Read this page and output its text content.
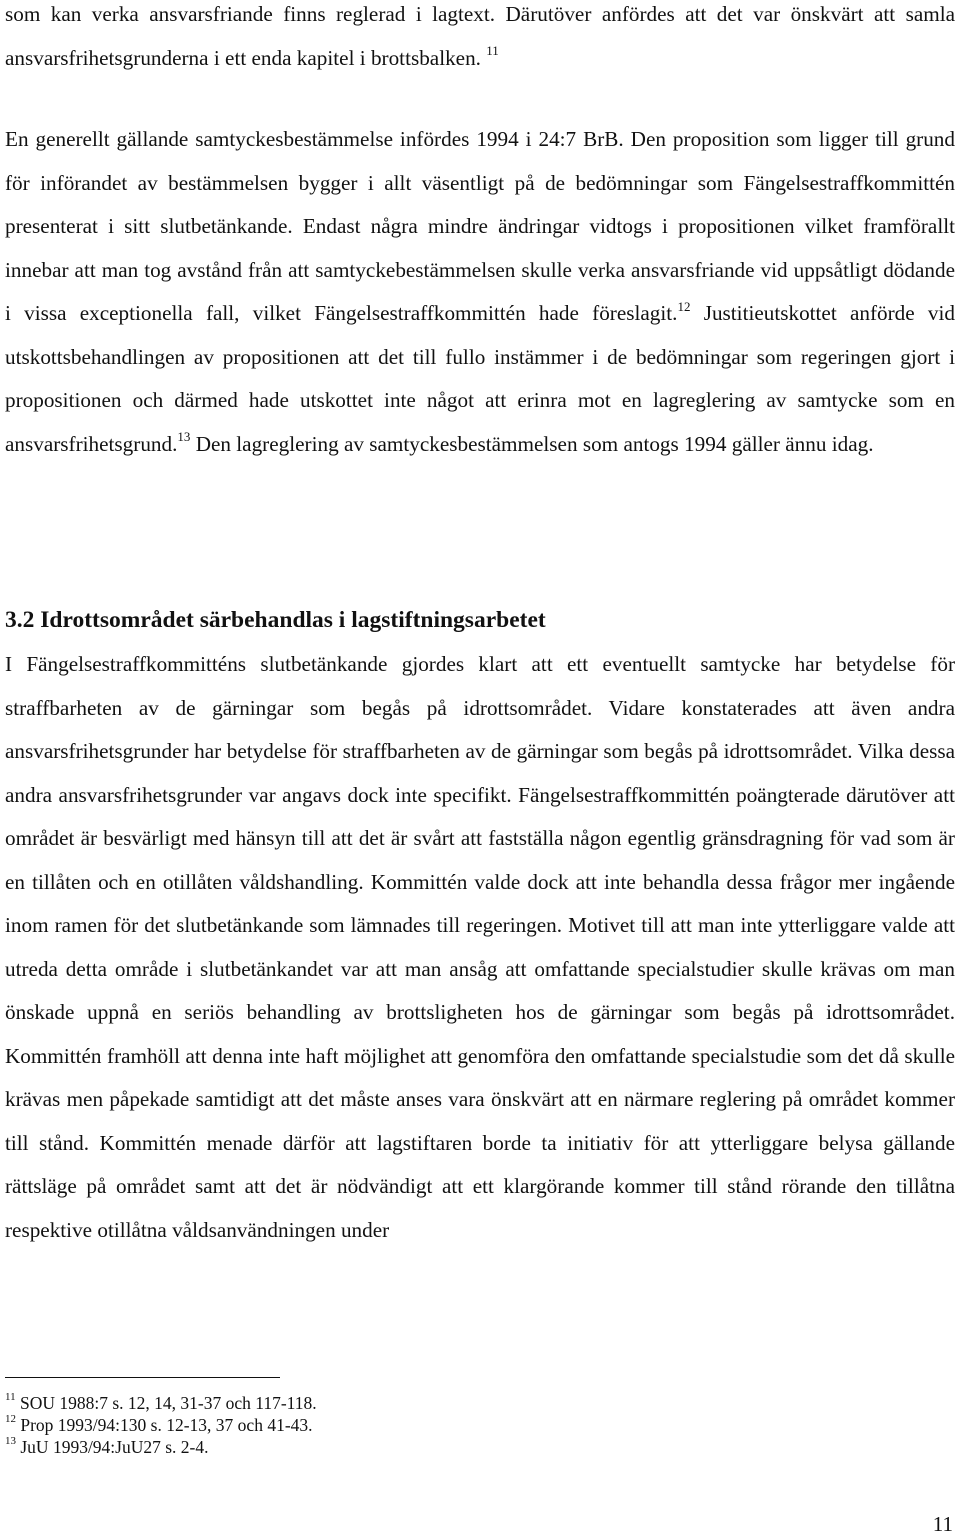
som kan verka ansvarsfriande finns reglerad i lagtext. Därutöver anfördes att det var önskvärt att samla ansvarsfrihetsgrunderna i ett enda kapitel i brottsbalken. $^{11}$

En generellt gällande samtyckesbestämmelse infördes 1994 i 24:7 BrB. Den proposition som ligger till grund för införandet av bestämmelsen bygger i allt väsentligt på de bedömningar som Fängelsestraffkommittén presenterat i sitt slutbetänkande. Endast några mindre ändringar vidtogs i propositionen vilket framförallt innebar att man tog avstånd från att samtyckebestämmelsen skulle verka ansvarsfriande vid uppsåtligt dödande i vissa exceptionella fall, vilket Fängelsestraffkommittén hade föreslagit.$^{12}$ Justitieutskottet anförde vid utskottsbehandlingen av propositionen att det till fullo instämmer i de bedömningar som regeringen gjort i propositionen och därmed hade utskottet inte något att erinra mot en lagreglering av samtycke som en ansvarsfrihetsgrund.$^{13}$ Den lagreglering av samtyckesbestämmelsen som antogs 1994 gäller ännu idag.

3.2 Idrottsområdet särbehandlas i lagstiftningsarbetet

I Fängelsestraffkommitténs slutbetänkande gjordes klart att ett eventuellt samtycke har betydelse för straffbarheten av de gärningar som begås på idrottsområdet. Vidare konstaterades att även andra ansvarsfrihetsgrunder har betydelse för straffbarheten av de gärningar som begås på idrottsområdet. Vilka dessa andra ansvarsfrihetsgrunder var angavs dock inte specifikt. Fängelsestraffkommittén poängterade därutöver att området är besvärligt med hänsyn till att det är svårt att fastställa någon egentlig gränsdragning för vad som är en tillåten och en otillåten våldshandling. Kommittén valde dock att inte behandla dessa frågor mer ingående inom ramen för det slutbetänkande som lämnades till regeringen. Motivet till att man inte ytterliggare valde att utreda detta område i slutbetänkandet var att man ansåg att omfattande specialstudier skulle krävas om man önskade uppnå en seriös behandling av brottsligheten hos de gärningar som begås på idrottsområdet. Kommittén framhöll att denna inte haft möjlighet att genomföra den omfattande specialstudie som det då skulle krävas men påpekade samtidigt att det måste anses vara önskvärt att en närmare reglering på området kommer till stånd. Kommittén menade därför att lagstiftaren borde ta initiativ för att ytterliggare belysa gällande rättsläge på området samt att det är nödvändigt att ett klargörande kommer till stånd rörande den tillåtna respektive otillåtna våldsanvändningen under

$^{11}$ SOU 1988:7 s. 12, 14, 31-37 och 117-118.

$^{12}$ Prop 1993/94:130 s. 12-13, 37 och 41-43.

$^{13}$ JuU 1993/94:JuU27 s. 2-4.

11
